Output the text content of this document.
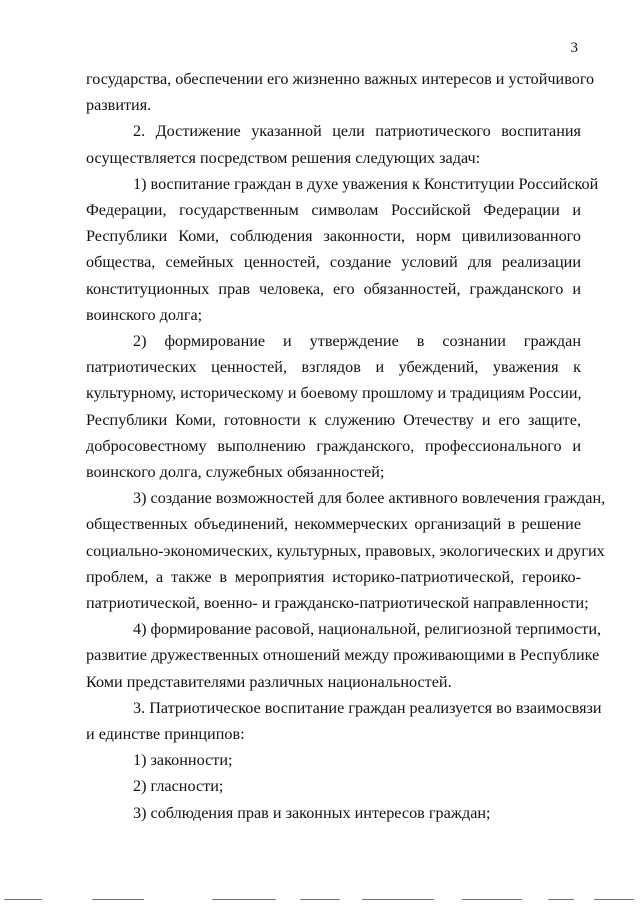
3
государства, обеспечении его жизненно важных интересов и устойчивого
развития.
2. Достижение указанной цели патриотического воспитания
осуществляется посредством решения следующих задач:
1) воспитание граждан в духе уважения к Конституции Российской
Федерации, государственным символам Российской Федерации и
Республики Коми, соблюдения законности, норм цивилизованного
общества, семейных ценностей, создание условий для реализации
конституционных прав человека, его обязанностей, гражданского и
воинского долга;
2) формирование и утверждение в сознании граждан
патриотических ценностей, взглядов и убеждений, уважения к
культурному, историческому и боевому прошлому и традициям России,
Республики Коми, готовности к служению Отечеству и его защите,
добросовестному выполнению гражданского, профессионального и
воинского долга, служебных обязанностей;
3) создание возможностей для более активного вовлечения граждан,
общественных объединений, некоммерческих организаций в решение
социально-экономических, культурных, правовых, экологических и других
проблем, а также в мероприятия историко-патриотической, героико-
патриотической, военно- и гражданско-патриотической направленности;
4) формирование расовой, национальной, религиозной терпимости,
развитие дружественных отношений между проживающими в Республике
Коми представителями различных национальностей.
3. Патриотическое воспитание граждан реализуется во взаимосвязи
и единстве принципов:
1) законности;
2) гласности;
3) соблюдения прав и законных интересов граждан;
